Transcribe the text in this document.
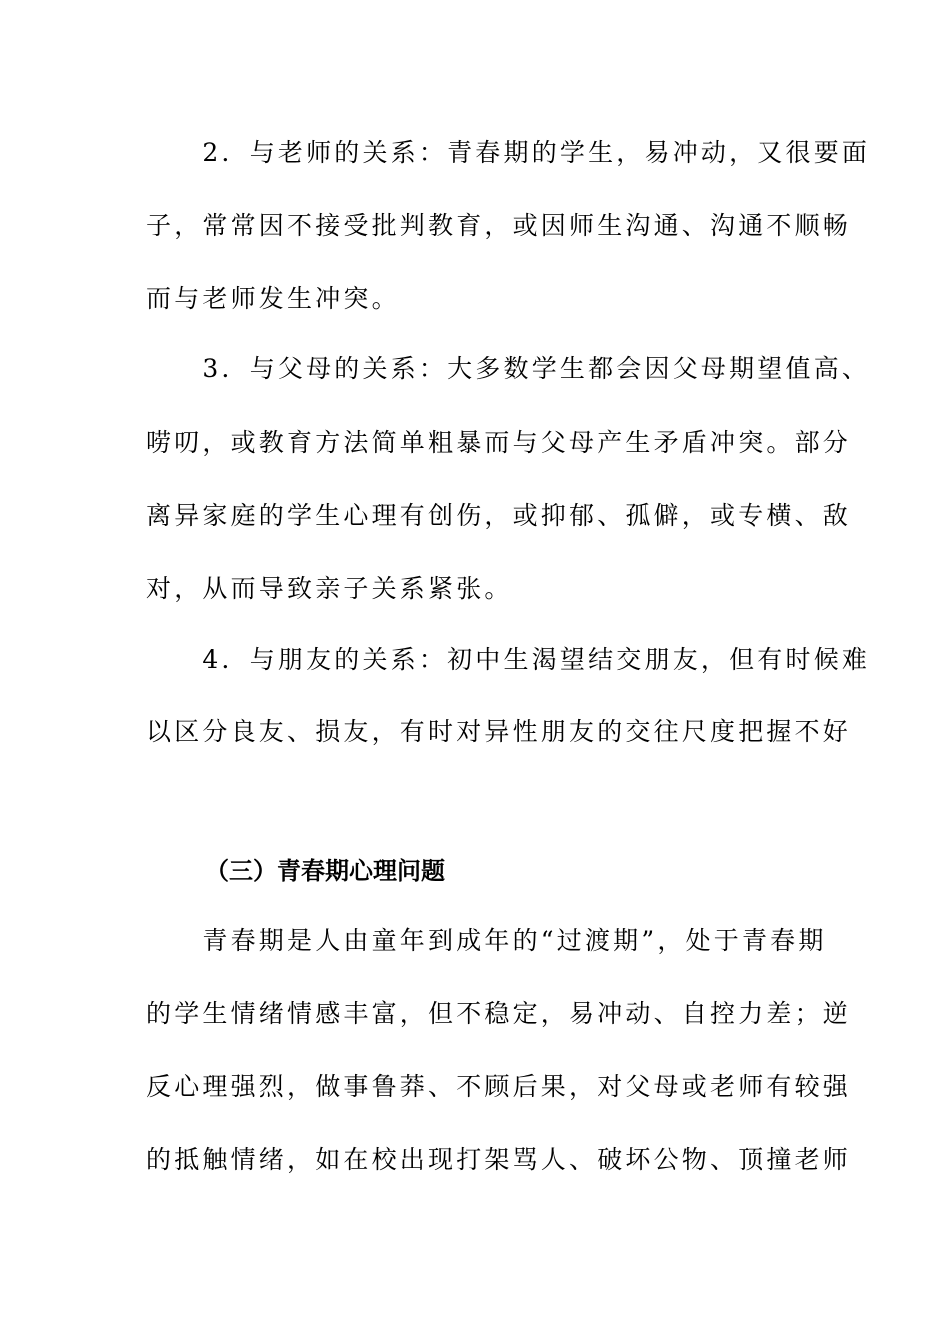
　　2．与老师的关系：青春期的学生，易冲动，又很要面
子，常常因不接受批判教育，或因师生沟通、沟通不顺畅
而与老师发生冲突。
　　3．与父母的关系：大多数学生都会因父母期望值高、
唠叨，或教育方法简单粗暴而与父母产生矛盾冲突。部分
离异家庭的学生心理有创伤，或抑郁、孤僻，或专横、敌
对，从而导致亲子关系紧张。
　　4．与朋友的关系：初中生渴望结交朋友，但有时候难
以区分良友、损友，有时对异性朋友的交往尺度把握不好
（三）青春期心理问题
　　青春期是人由童年到成年的“过渡期”，处于青春期
的学生情绪情感丰富，但不稳定，易冲动、自控力差；逆
反心理强烈，做事鲁莽、不顾后果，对父母或老师有较强
的抵触情绪，如在校出现打架骂人、破坏公物、顶撞老师
